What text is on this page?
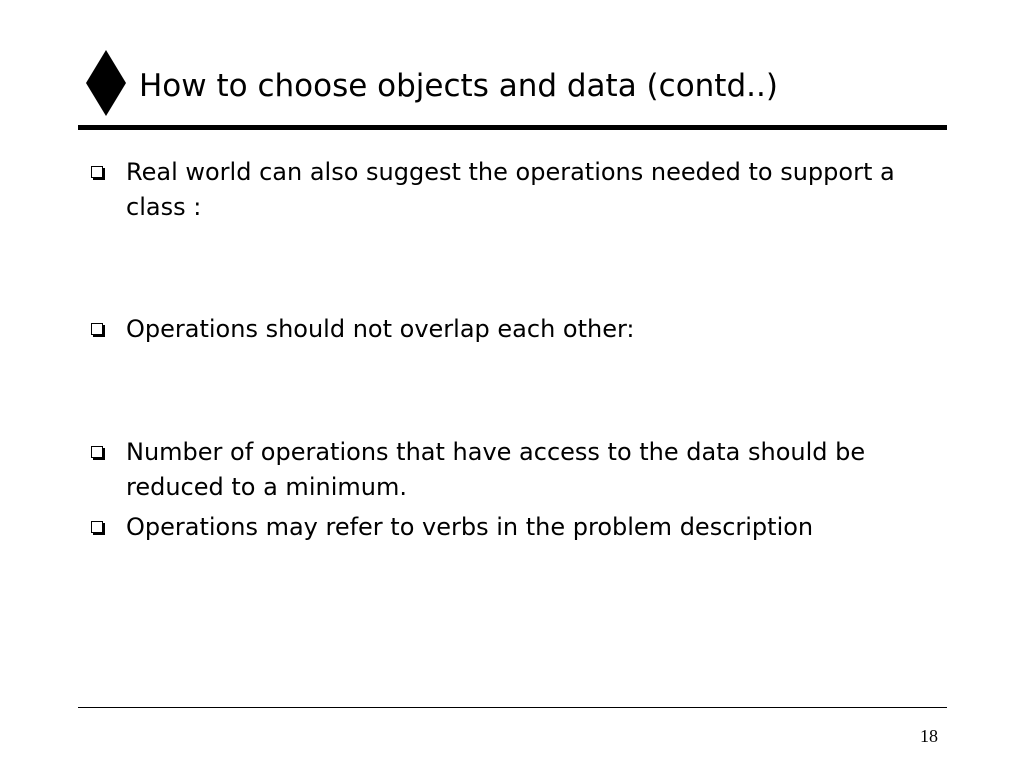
How to choose objects and data (contd..)
Real world can also suggest the operations needed to support a class :
Operations should not overlap each other:
Number of operations that have access to the data should be reduced to a minimum.
Operations may refer to verbs in the problem description
18
